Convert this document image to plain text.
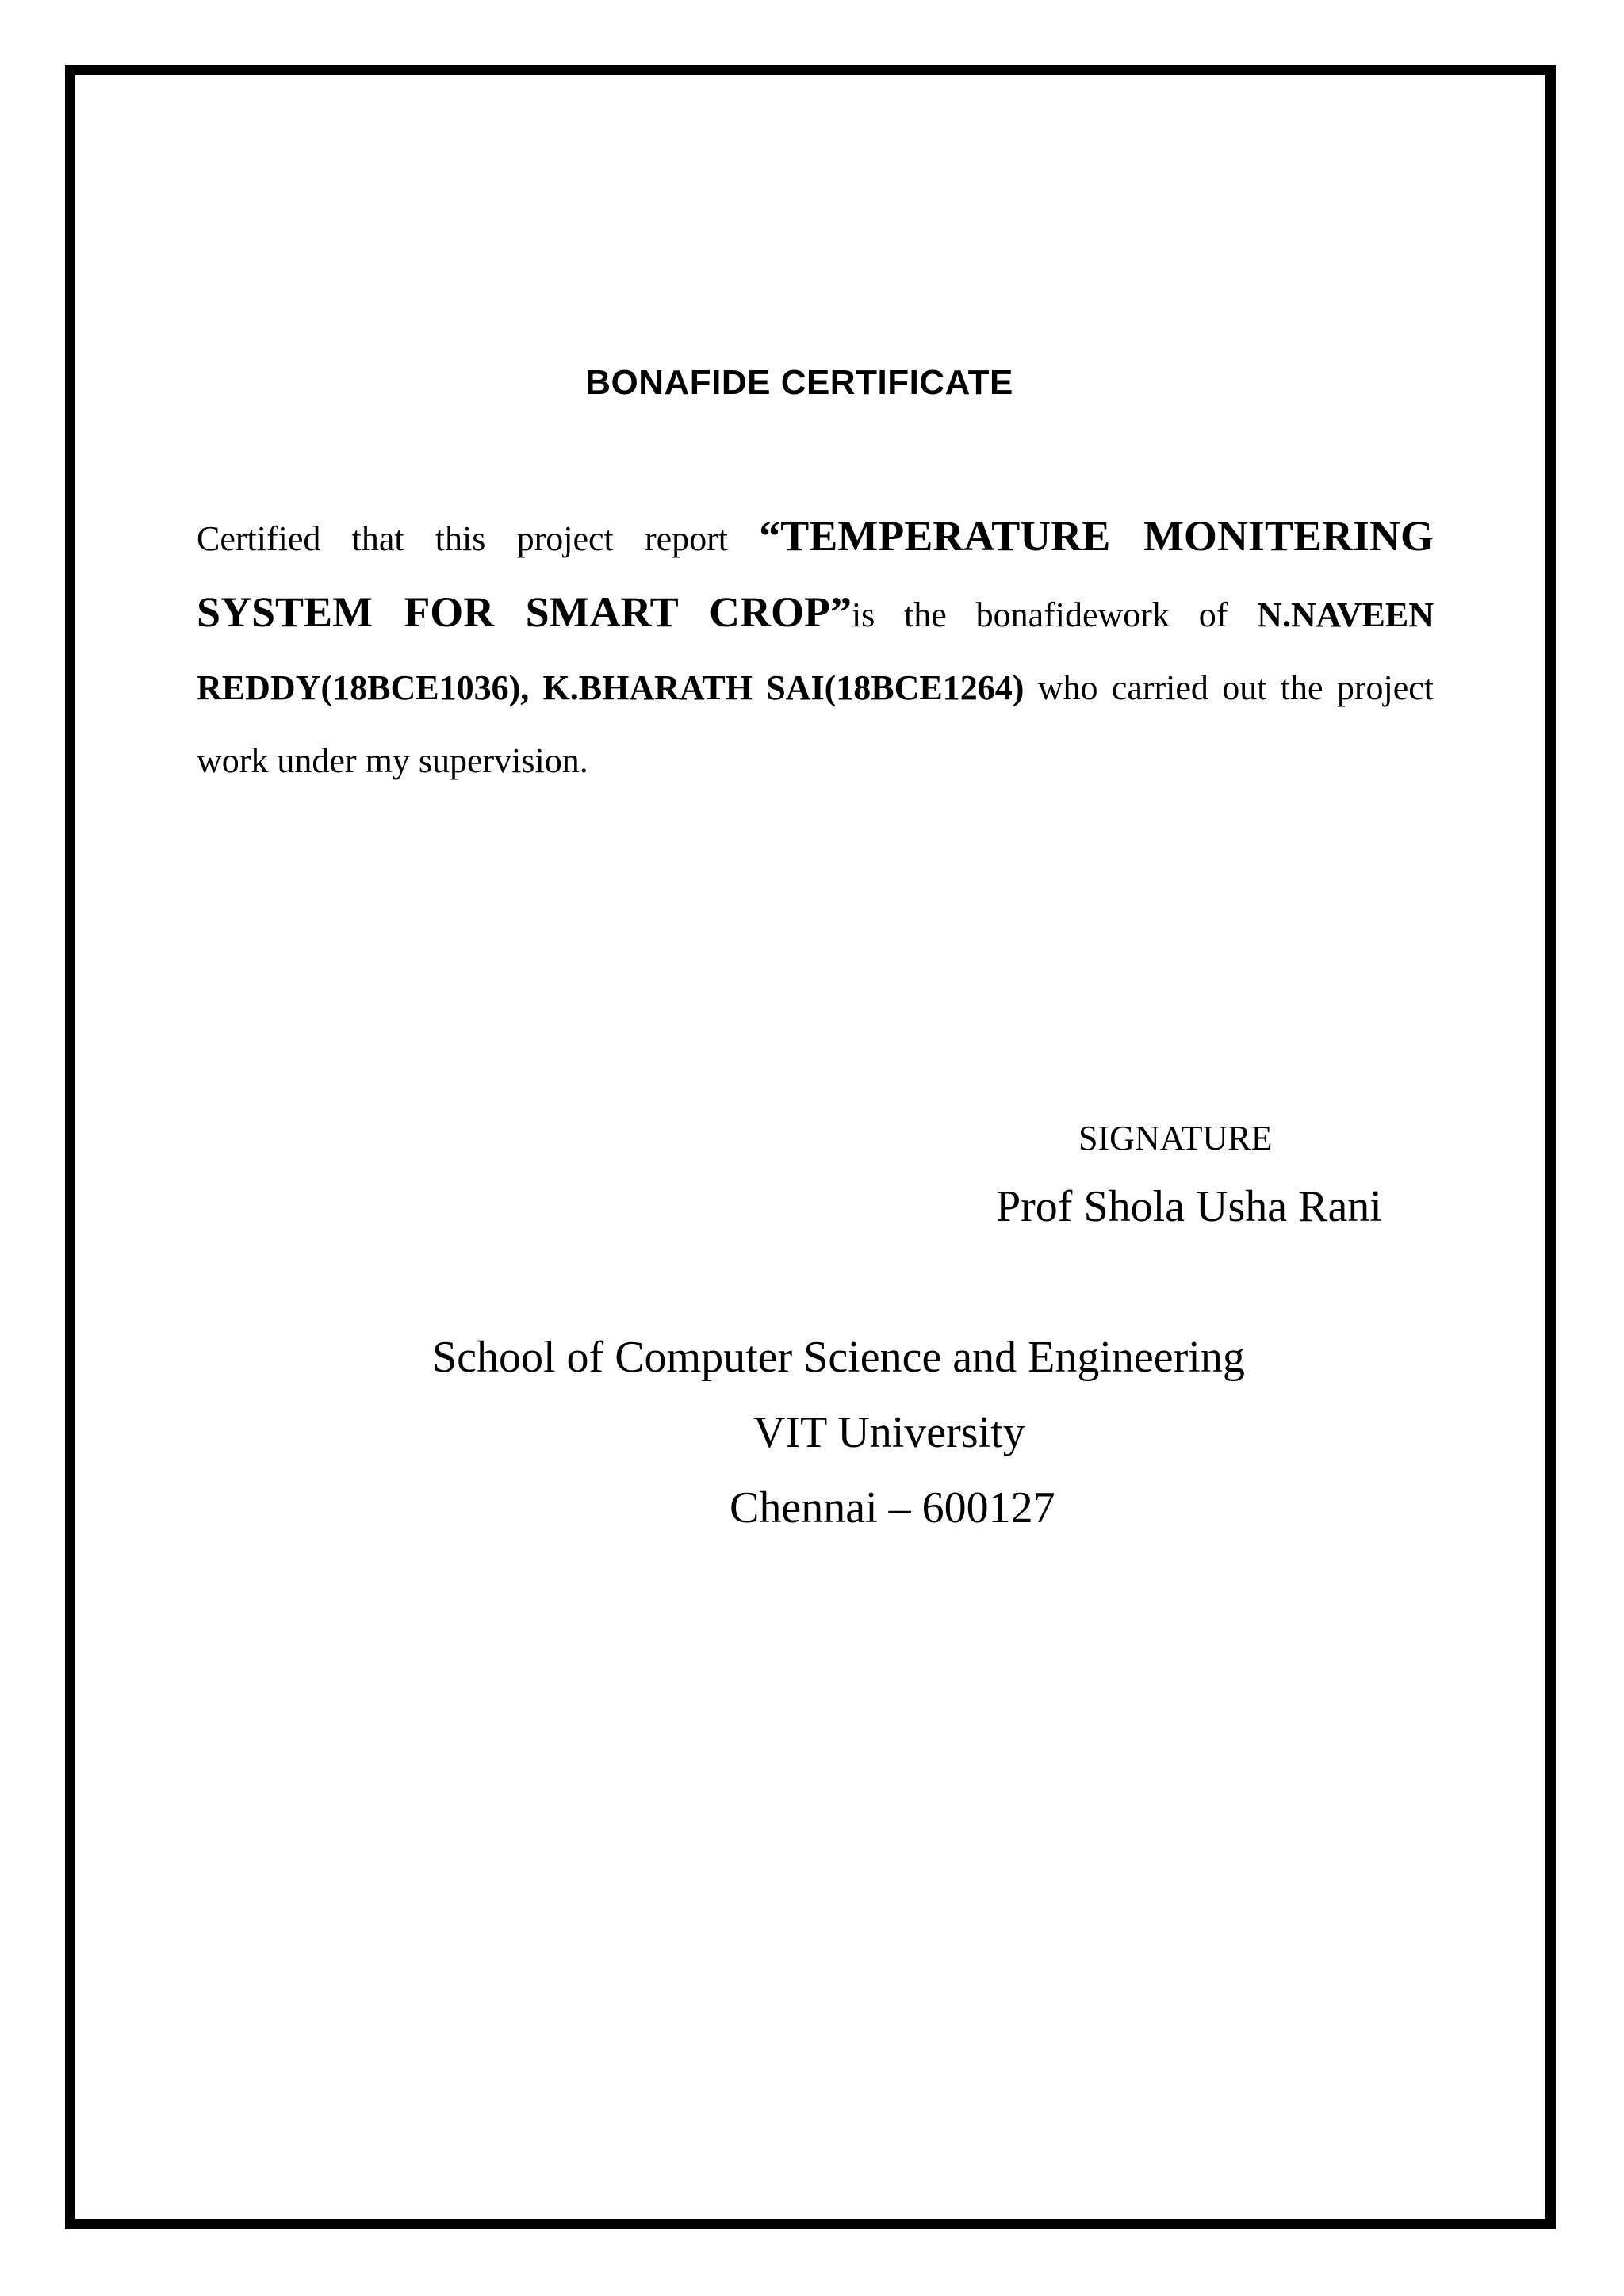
BONAFIDE CERTIFICATE
Certified that this project report “TEMPERATURE MONITERING SYSTEM FOR SMART CROP”is the bonafidework of N.NAVEEN REDDY(18BCE1036), K.BHARATH SAI(18BCE1264) who carried out the project work under my supervision.
SIGNATURE
Prof Shola Usha Rani
School of Computer Science and Engineering
VIT University
Chennai – 600127
